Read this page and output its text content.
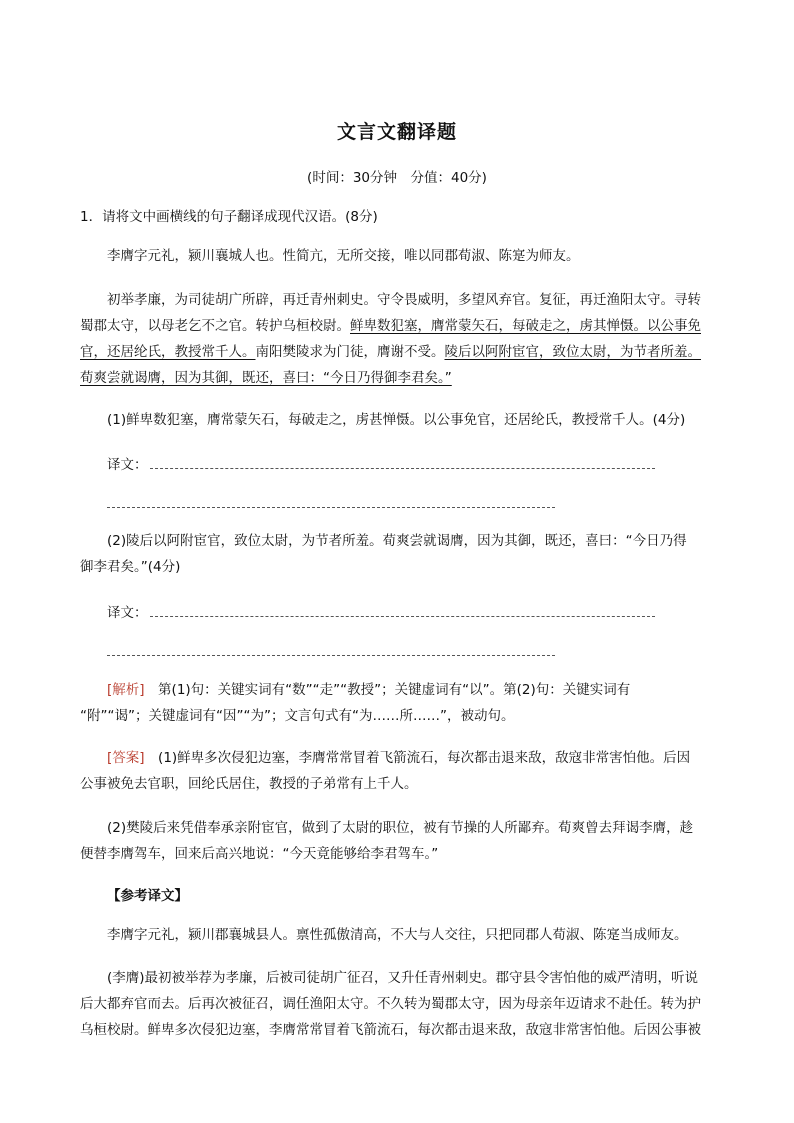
文言文翻译题
(时间：30分钟　分值：40分)
1．请将文中画横线的句子翻译成现代汉语。(8分)
李膺字元礼，颍川襄城人也。性简亢，无所交接，唯以同郡荀淑、陈寔为师友。
初举孝廉，为司徒胡广所辟，再迁青州刺史。守令畏威明，多望风弃官。复征，再迁渔阳太守。寻转
蜀郡太守，以母老乞不之官。转护乌桓校尉。鲜卑数犯塞，膺常蒙矢石，每破走之，虏其惮慑。以公事免
官，还居纶氏，教授常千人。南阳樊陵求为门徒，膺谢不受。陵后以阿附宦官，致位太尉，为节者所羞。
荀爽尝就谒膺，因为其御，既还，喜曰：“今日乃得御李君矣。”
(1)鲜卑数犯塞，膺常蒙矢石，每破走之，虏甚惮慑。以公事免官，还居纶氏，教授常千人。(4分)
译文：
(2)陵后以阿附宦官，致位太尉，为节者所羞。荀爽尝就谒膺，因为其御，既还，喜曰：“今日乃得
御李君矣。”(4分)
译文：
[解析]　第(1)句：关键实词有“数”“走”“教授”；关键虚词有“以”。第(2)句：关键实词有
“附”“谒”；关键虚词有“因”“为”；文言句式有“为……所……”，被动句。
[答案]　(1)鲜卑多次侵犯边塞，李膺常常冒着飞箭流石，每次都击退来敌，敌寇非常害怕他。后因
公事被免去官职，回纶氏居住，教授的子弟常有上千人。
(2)樊陵后来凭借奉承亲附宦官，做到了太尉的职位，被有节操的人所鄙弃。荀爽曾去拜谒李膺，趁
便替李膺驾车，回来后高兴地说：“今天竟能够给李君驾车。”
【参考译文】
李膺字元礼，颍川郡襄城县人。禀性孤傲清高，不大与人交往，只把同郡人荀淑、陈寔当成师友。
(李膺)最初被举荐为孝廉，后被司徒胡广征召，又升任青州刺史。郡守县令害怕他的威严清明，听说
后大都弃官而去。后再次被征召，调任渔阳太守。不久转为蜀郡太守，因为母亲年迈请求不赴任。转为护
乌桓校尉。鲜卑多次侵犯边塞，李膺常常冒着飞箭流石，每次都击退来敌，敌寇非常害怕他。后因公事被
